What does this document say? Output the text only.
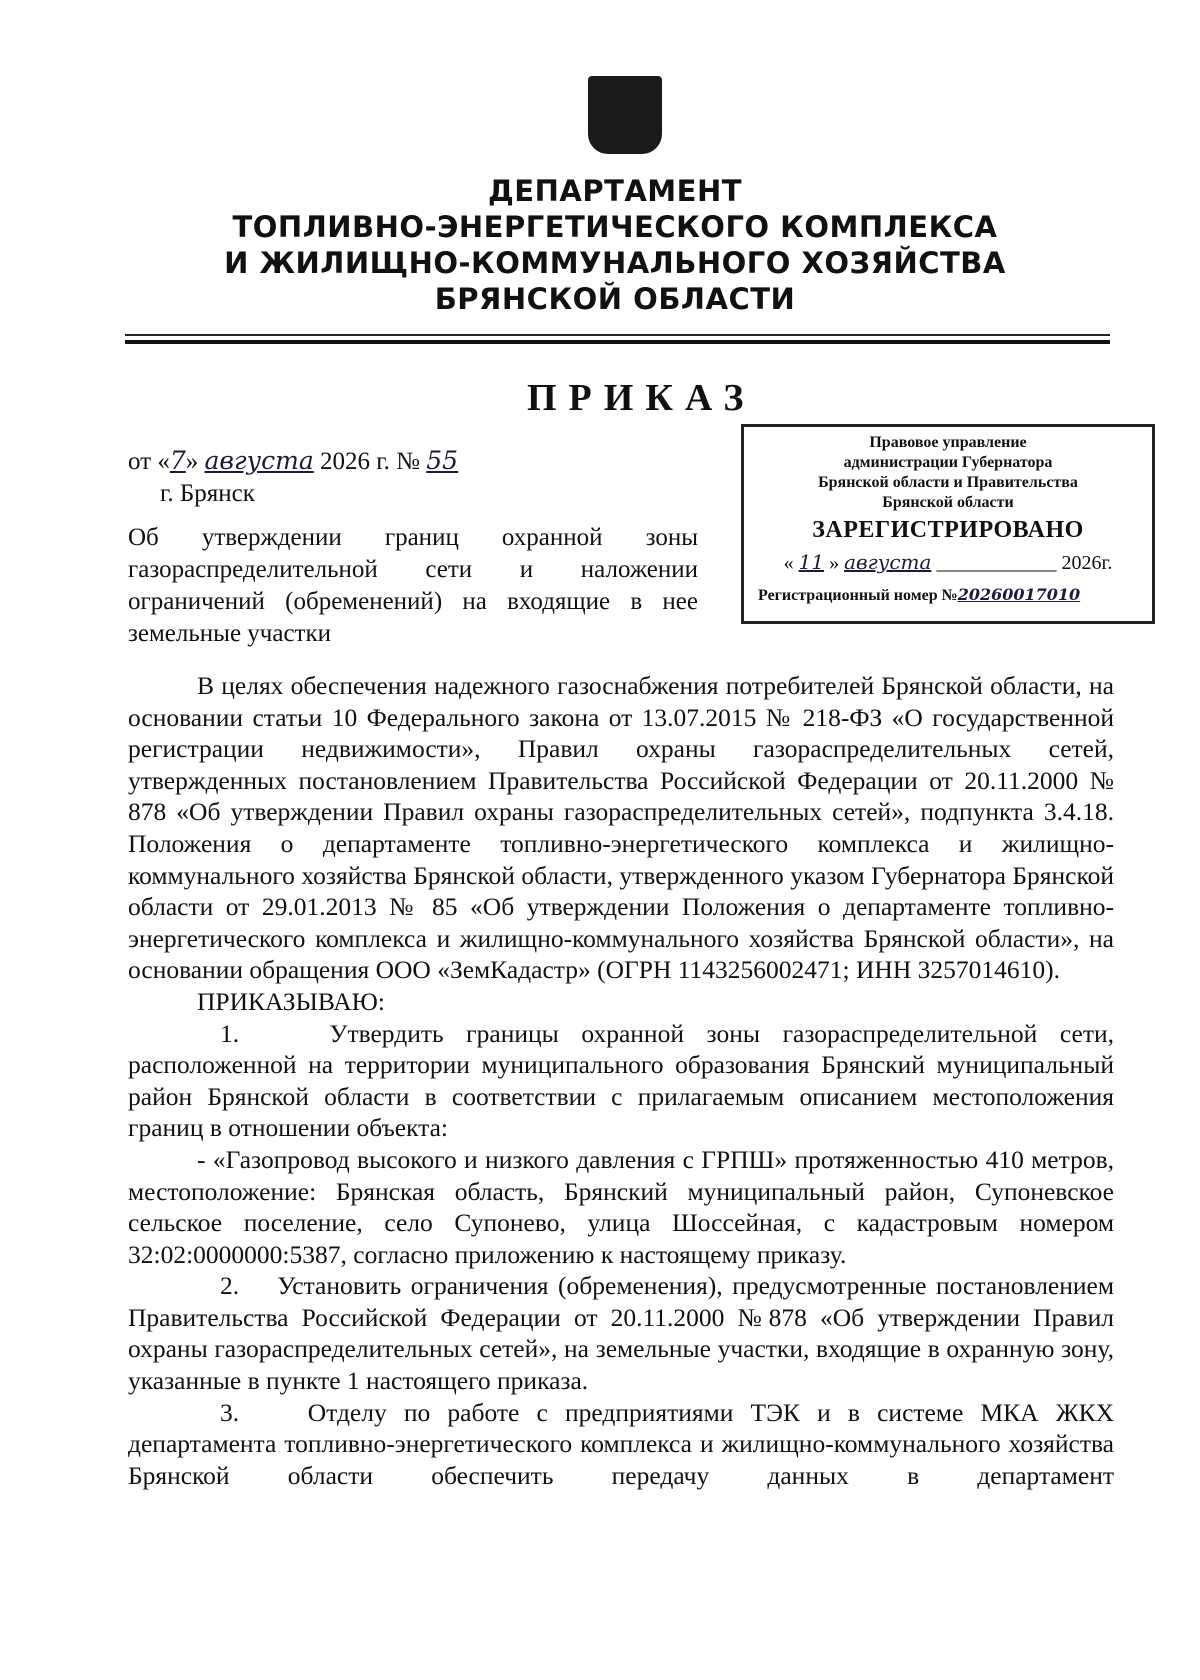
ДЕПАРТАМЕНТ
ТОПЛИВНО-ЭНЕРГЕТИЧЕСКОГО КОМПЛЕКСА
И ЖИЛИЩНО-КОММУНАЛЬНОГО ХОЗЯЙСТВА
БРЯНСКОЙ ОБЛАСТИ
ПРИКАЗ
от «7» августа 2026 г. № 55
г. Брянск
Об утверждении границ охранной зоны газораспределительной сети и наложении ограничений (обременений) на входящие в нее земельные участки
Правовое управление
администрации Губернатора
Брянской области и Правительства
Брянской области
ЗАРЕГИСТРИРОВАНО
« 11 » августа ____________ 2026г.
Регистрационный номер №20260017010

В целях обеспечения надежного газоснабжения потребителей Брянской области, на основании статьи 10 Федерального закона от 13.07.2015 № 218-ФЗ «О государственной регистрации недвижимости», Правил охраны газораспределительных сетей, утвержденных постановлением Правительства Российской Федерации от 20.11.2000 № 878 «Об утверждении Правил охраны газораспределительных сетей», подпункта 3.4.18. Положения о департаменте топливно-энергетического комплекса и жилищно-коммунального хозяйства Брянской области, утвержденного указом Губернатора Брянской области от 29.01.2013 № 85 «Об утверждении Положения о департаменте топливно-энергетического комплекса и жилищно-коммунального хозяйства Брянской области», на основании обращения ООО «ЗемКадастр» (ОГРН 1143256002471; ИНН 3257014610).

ПРИКАЗЫВАЮ:

1.    Утвердить границы охранной зоны газораспределительной сети, расположенной на территории муниципального образования Брянский муниципальный район Брянской области в соответствии с прилагаемым описанием местоположения границ в отношении объекта:

- «Газопровод высокого и низкого давления с ГРПШ» протяженностью 410 метров, местоположение: Брянская область, Брянский муниципальный район, Супоневское сельское поселение, село Супонево, улица Шоссейная, с кадастровым номером 32:02:0000000:5387, согласно приложению к настоящему приказу.

2.    Установить ограничения (обременения), предусмотренные постановлением Правительства Российской Федерации от 20.11.2000 №878 «Об утверждении Правил охраны газораспределительных сетей», на земельные участки, входящие в охранную зону, указанные в пункте 1 настоящего приказа.

3.    Отделу по работе с предприятиями ТЭК и в системе МКА ЖКХ департамента топливно-энергетического комплекса и жилищно-коммунального хозяйства Брянской области обеспечить передачу данных в департамент
